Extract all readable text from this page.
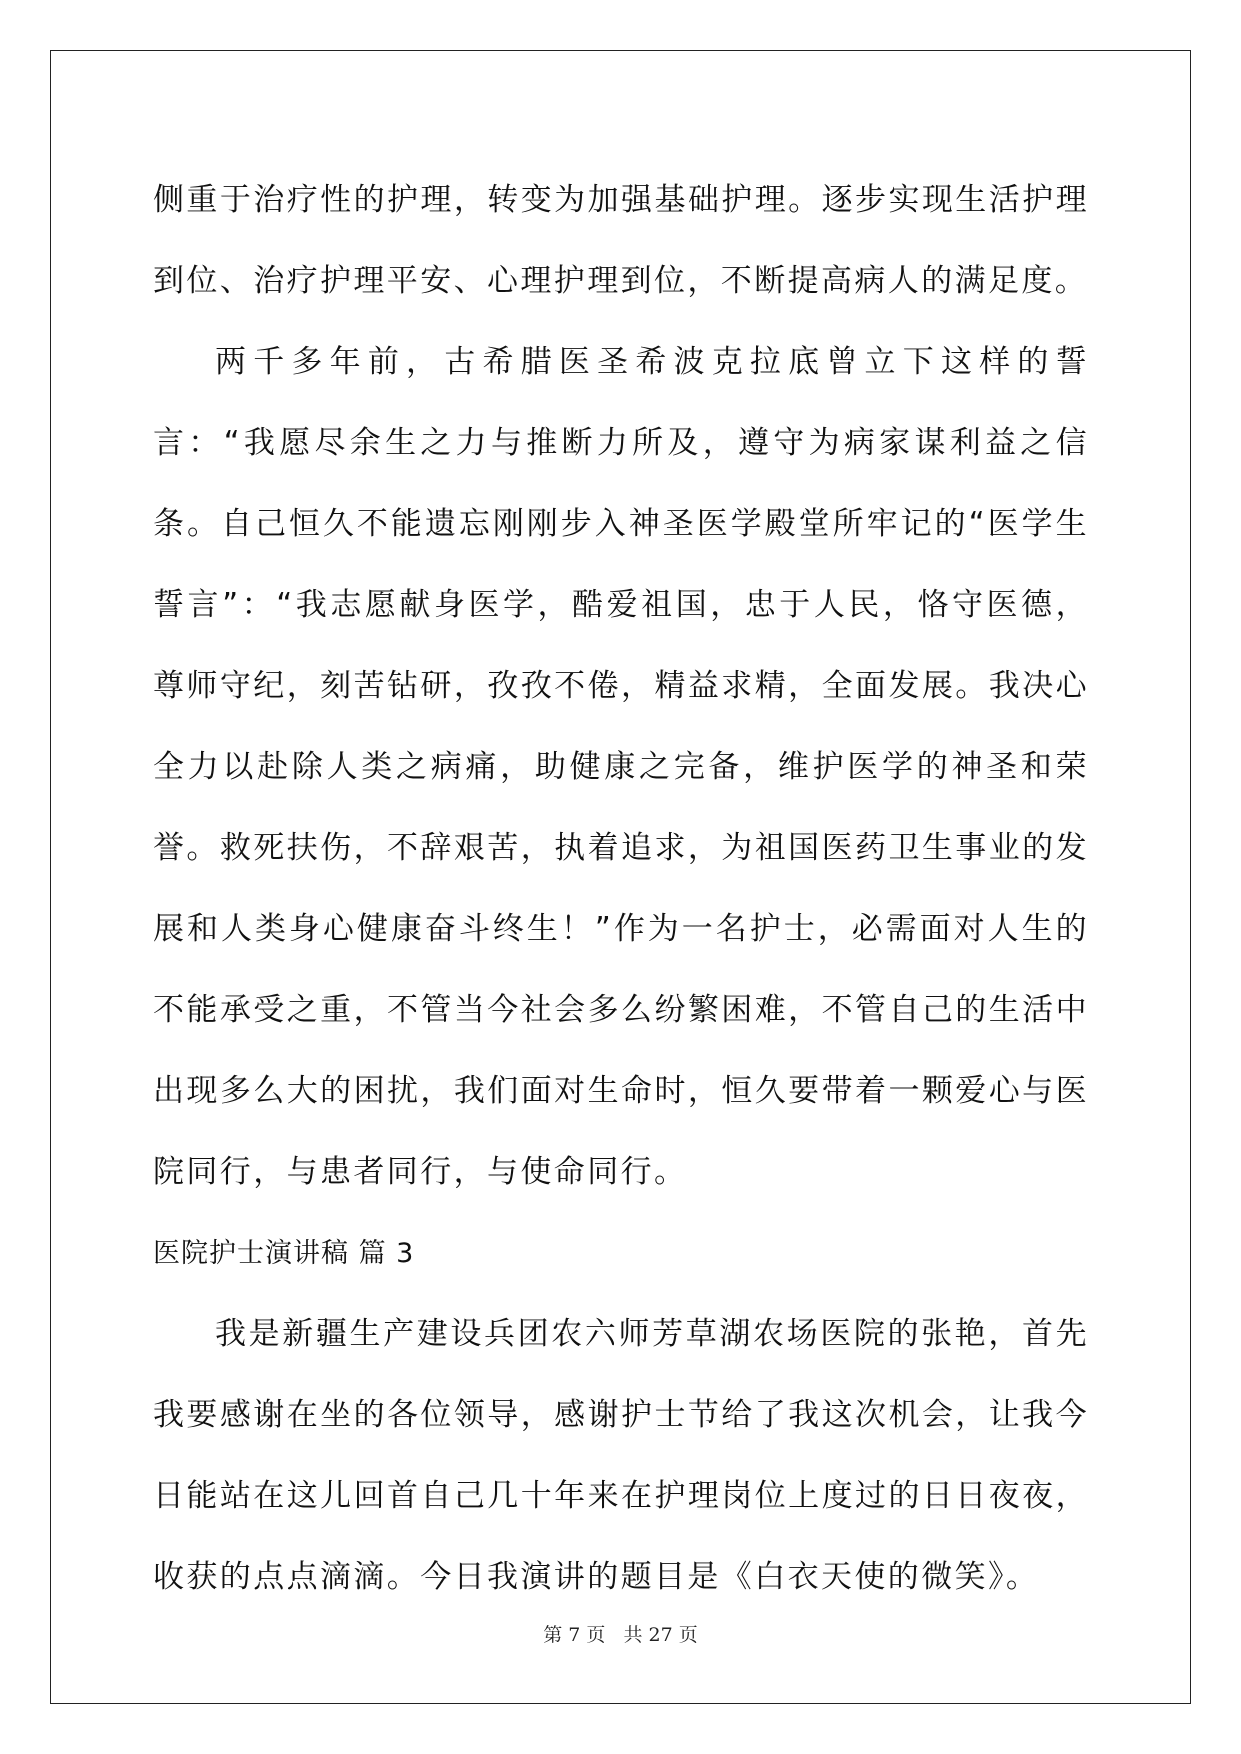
侧重于治疗性的护理，转变为加强基础护理。逐步实现生活护理到位、治疗护理平安、心理护理到位，不断提高病人的满足度。

两千多年前，古希腊医圣希波克拉底曾立下这样的誓言：“我愿尽余生之力与推断力所及，遵守为病家谋利益之信条。自己恒久不能遗忘刚刚步入神圣医学殿堂所牢记的“医学生誓言”：“我志愿献身医学，酷爱祖国，忠于人民，恪守医德，尊师守纪，刻苦钻研，孜孜不倦，精益求精，全面发展。我决心全力以赴除人类之病痛，助健康之完备，维护医学的神圣和荣誉。救死扶伤，不辞艰苦，执着追求，为祖国医药卫生事业的发展和人类身心健康奋斗终生！”作为一名护士，必需面对人生的不能承受之重，不管当今社会多么纷繁困难，不管自己的生活中出现多么大的困扰，我们面对生命时，恒久要带着一颗爱心与医院同行，与患者同行，与使命同行。

医院护士演讲稿 篇 3

我是新疆生产建设兵团农六师芳草湖农场医院的张艳，首先我要感谢在坐的各位领导，感谢护士节给了我这次机会，让我今日能站在这儿回首自己几十年来在护理岗位上度过的日日夜夜，收获的点点滴滴。今日我演讲的题目是《白衣天使的微笑》。

第 7 页 共 27 页
